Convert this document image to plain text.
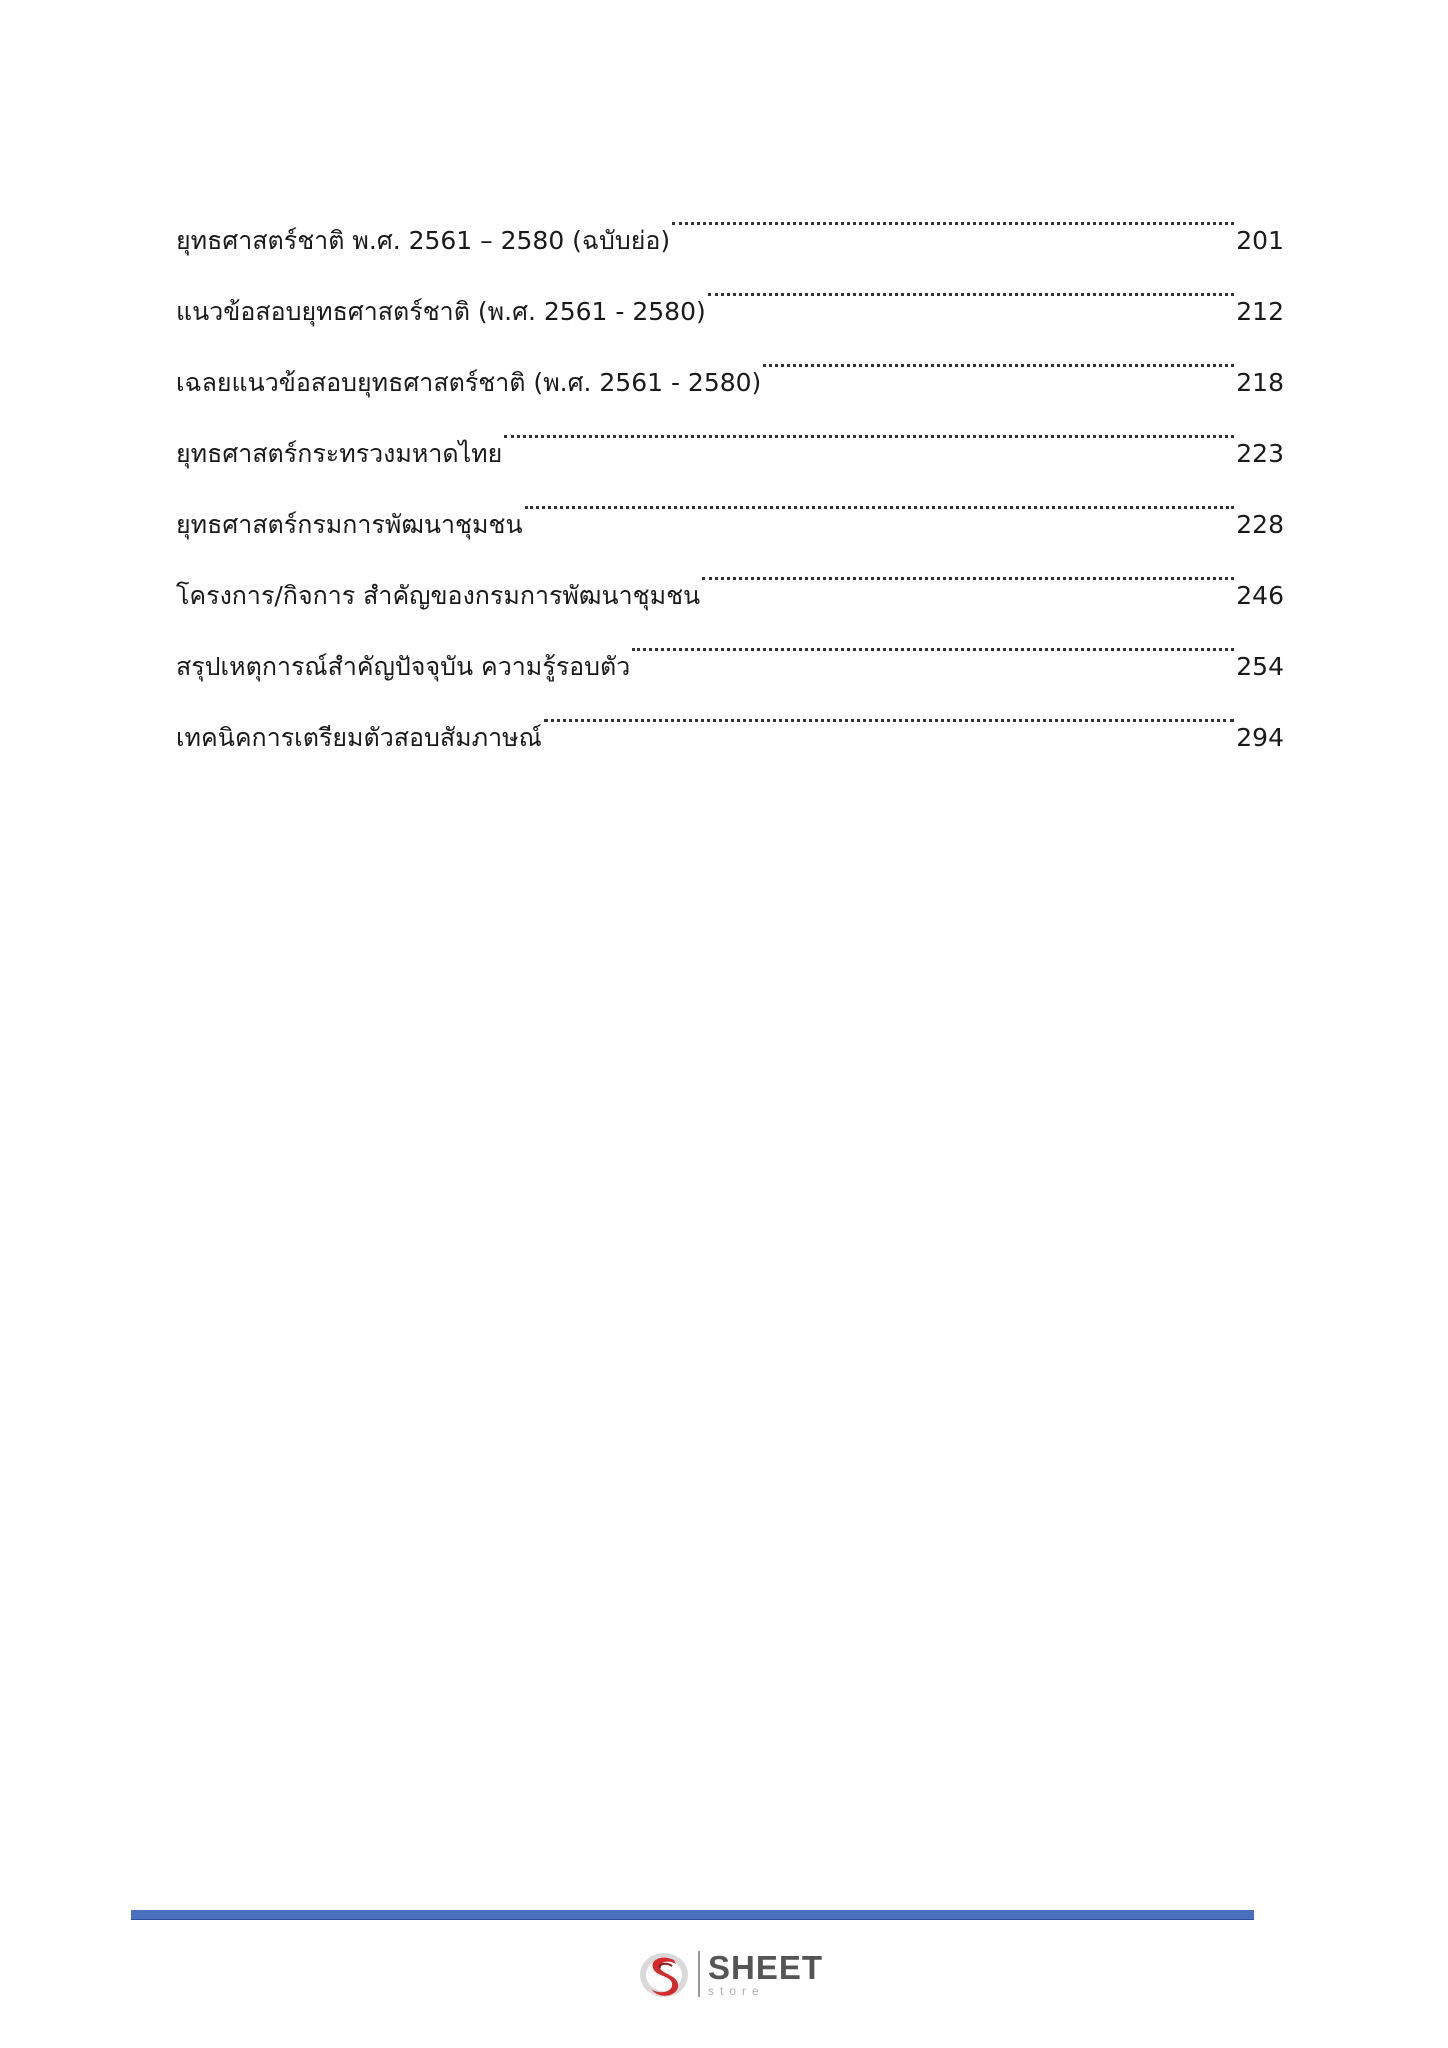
ยุทธศาสตร์ชาติ พ.ศ. 2561 – 2580 (ฉบับย่อ)	201
แนวข้อสอบยุทธศาสตร์ชาติ (พ.ศ. 2561 - 2580)	212
เฉลยแนวข้อสอบยุทธศาสตร์ชาติ (พ.ศ. 2561 - 2580)	218
ยุทธศาสตร์กระทรวงมหาดไทย	223
ยุทธศาสตร์กรมการพัฒนาชุมชน	228
โครงการ/กิจการ สำคัญของกรมการพัฒนาชุมชน	246
สรุปเหตุการณ์สำคัญปัจจุบัน ความรู้รอบตัว	254
เทคนิคการเตรียมตัวสอบสัมภาษณ์	294
SHEET
store
